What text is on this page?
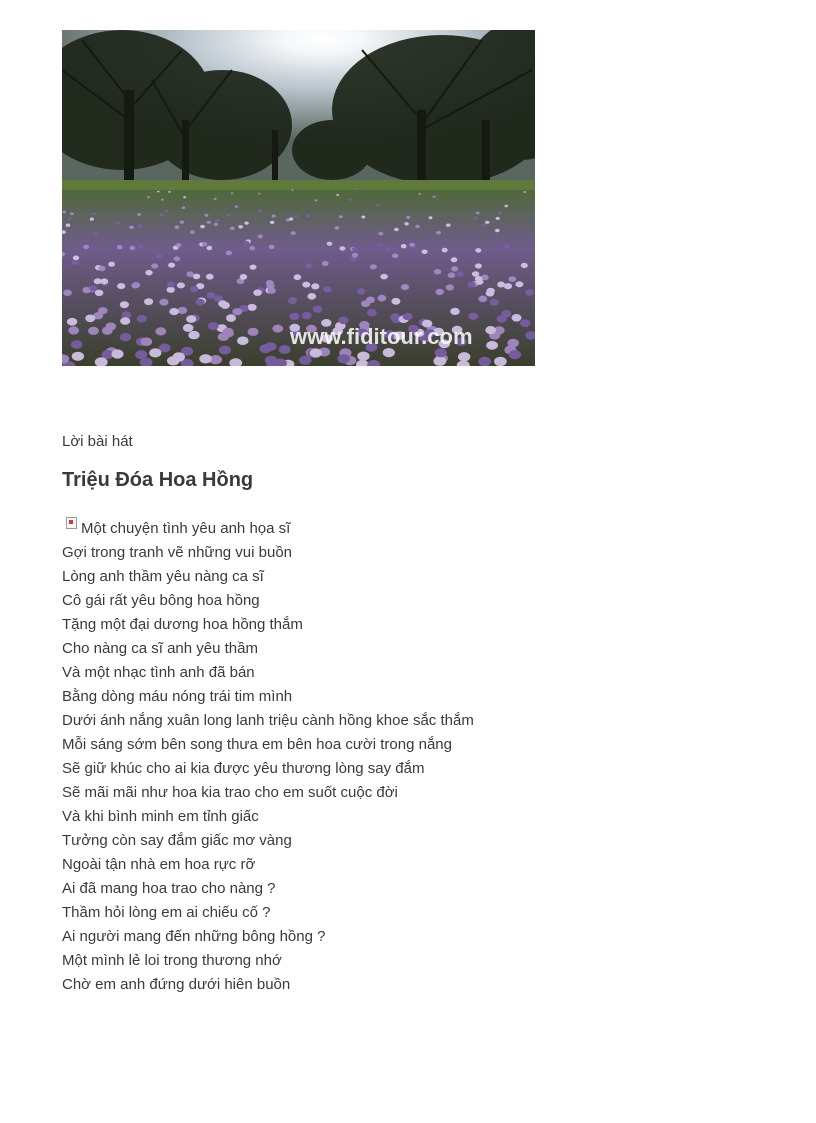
www.fiditour.com
Lời bài hát
Triệu Đóa Hoa Hồng
Một chuyện tình yêu anh họa sĩ
Gợi trong tranh vẽ những vui buồn
Lòng anh thầm yêu nàng ca sĩ
Cô gái rất yêu bông hoa hồng
Tặng một đại dương hoa hồng thắm
Cho nàng ca sĩ anh yêu thầm
Và một nhạc tình anh đã bán
Bằng dòng máu nóng trái tim mình
Dưới ánh nắng xuân long lanh triệu cành hồng khoe sắc thắm
Mỗi sáng sớm bên song thưa em bên hoa cười trong nắng
Sẽ giữ khúc cho ai kia được yêu thương lòng say đắm
Sẽ mãi mãi như hoa kia trao cho em suốt cuộc đời
Và khi bình minh em tỉnh giấc
Tưởng còn say đắm giấc mơ vàng
Ngoài tận nhà em hoa rực rỡ
Ai đã mang hoa trao cho nàng ?
Thầm hỏi lòng em ai chiếu cố ?
Ai người mang đến những bông hồng ?
Một mình lẻ loi trong thương nhớ
Chờ em anh đứng dưới hiên buồn
